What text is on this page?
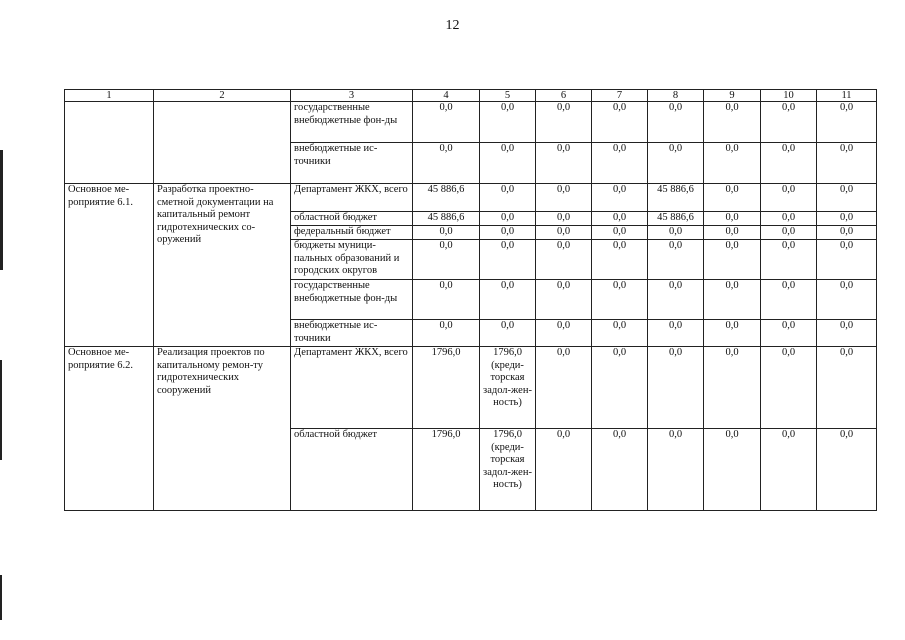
12
1	2	3	4	5	6	7	8	9	10	11
		государственные внебюджетные фон-ды	0,0	0,0	0,0	0,0	0,0	0,0	0,0	0,0
		внебюджетные ис-точники	0,0	0,0	0,0	0,0	0,0	0,0	0,0	0,0
Основное ме-роприятие 6.1.	Разработка проектно-сметной документации на капитальный ремонт гидротехнических со-оружений	Департамент ЖКХ, всего	45 886,6	0,0	0,0	0,0	45 886,6	0,0	0,0	0,0
		областной бюджет	45 886,6	0,0	0,0	0,0	45 886,6	0,0	0,0	0,0
		федеральный бюджет	0,0	0,0	0,0	0,0	0,0	0,0	0,0	0,0
		бюджеты муници-пальных образований и городских округов	0,0	0,0	0,0	0,0	0,0	0,0	0,0	0,0
		государственные внебюджетные фон-ды	0,0	0,0	0,0	0,0	0,0	0,0	0,0	0,0
		внебюджетные ис-точники	0,0	0,0	0,0	0,0	0,0	0,0	0,0	0,0
Основное ме-роприятие 6.2.	Реализация проектов по капитальному ремон-ту гидротехнических сооружений	Департамент ЖКХ, всего	1796,0	1796,0 (креди-торская задол-жен-ность)	0,0	0,0	0,0	0,0	0,0	0,0
		областной бюджет	1796,0	1796,0 (креди-торская задол-жен-ность)	0,0	0,0	0,0	0,0	0,0	0,0
